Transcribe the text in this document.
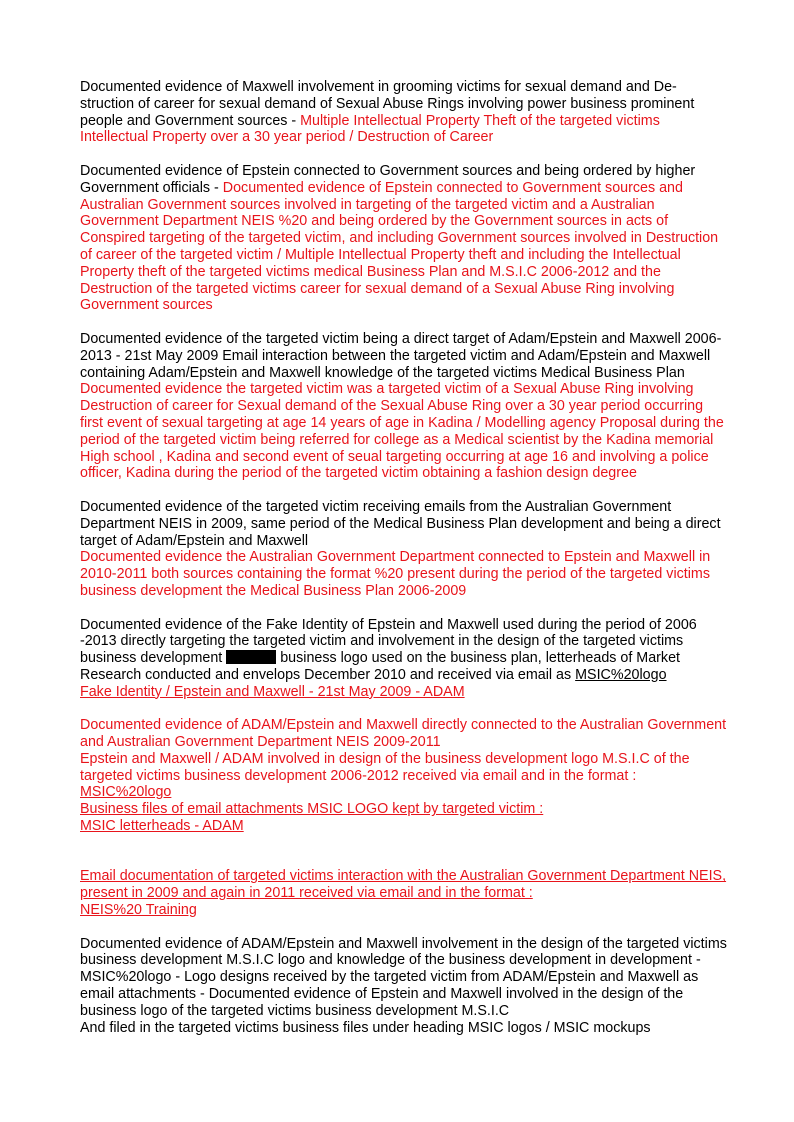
Documented evidence of Maxwell involvement in grooming victims for sexual demand and De-struction of career for sexual demand of Sexual Abuse Rings involving power business prominent people and Government sources - Multiple Intellectual Property Theft of the targeted victims Intellectual Property over a 30 year period / Destruction of Career

Documented evidence of Epstein connected to Government sources and being ordered by higher Government officials - Documented evidence of Epstein connected to Government sources and Australian Government sources involved in targeting of the targeted victim and a Australian Government Department NEIS %20 and being ordered by the Government sources in acts of Conspired targeting of the targeted victim, and including Government sources involved in Destruction of career of the targeted victim / Multiple Intellectual Property theft and including the Intellectual Property theft of the targeted victims medical Business Plan and M.S.I.C 2006-2012 and the Destruction of the targeted victims career for sexual demand of a Sexual Abuse Ring involving Government sources

Documented evidence of the targeted victim being a direct target of Adam/Epstein and Maxwell 2006-2013 - 21st May 2009 Email interaction between the targeted victim and Adam/Epstein and Maxwell containing Adam/Epstein and Maxwell knowledge of the targeted victims Medical Business Plan

Documented evidence the targeted victim was a targeted victim of a Sexual Abuse Ring involving Destruction of career for Sexual demand of the Sexual Abuse Ring over a 30 year period occurring first event of sexual targeting at age 14 years of age in Kadina / Modelling agency Proposal during the period of the targeted victim being referred for college as a Medical scientist by the Kadina memorial High school , Kadina and second event of seual targeting occurring at age 16 and involving a police officer, Kadina during the period of the targeted victim obtaining a fashion design degree

Documented evidence of the targeted victim receiving emails from the Australian Government Department NEIS in 2009, same period of the Medical Business Plan development and being a direct target of Adam/Epstein and Maxwell

Documented evidence the Australian Government Department connected to Epstein and Maxwell in 2010-2011 both sources containing the format %20 present during the period of the targeted victims business development the Medical Business Plan 2006-2009

Documented evidence of the Fake Identity of Epstein and Maxwell used during the period of 2006 -2013 directly targeting the targeted victim and involvement in the design of the targeted victims business development	business logo used on the business plan, letterheads of Market Research conducted and envelops December 2010 and received via email as MSIC%20logo

Fake Identity / Epstein and Maxwell - 21st May 2009 - ADAM

Documented evidence of ADAM/Epstein and Maxwell directly connected to the Australian Government and Australian Government Department NEIS 2009-2011

Epstein and Maxwell / ADAM involved in design of the business development logo M.S.I.C of the targeted victims business development 2006-2012 received via email and in the format :

MSIC%20logo

Business files of email attachments MSIC LOGO kept by targeted victim :

MSIC letterheads - ADAM

Email documentation of targeted victims interaction with the Australian Government Department NEIS, present in 2009 and again in 2011 received via email and in the format :

NEIS%20 Training

Documented evidence of ADAM/Epstein and Maxwell involvement in the design of the targeted victims business development M.S.I.C logo and knowledge of the business development in development - MSIC%20logo - Logo designs received by the targeted victim from ADAM/Epstein and Maxwell as email attachments - Documented evidence of Epstein and Maxwell involved in the design of the business logo of the targeted victims business development M.S.I.C

And filed in the targeted victims business files under heading MSIC logos / MSIC mockups
